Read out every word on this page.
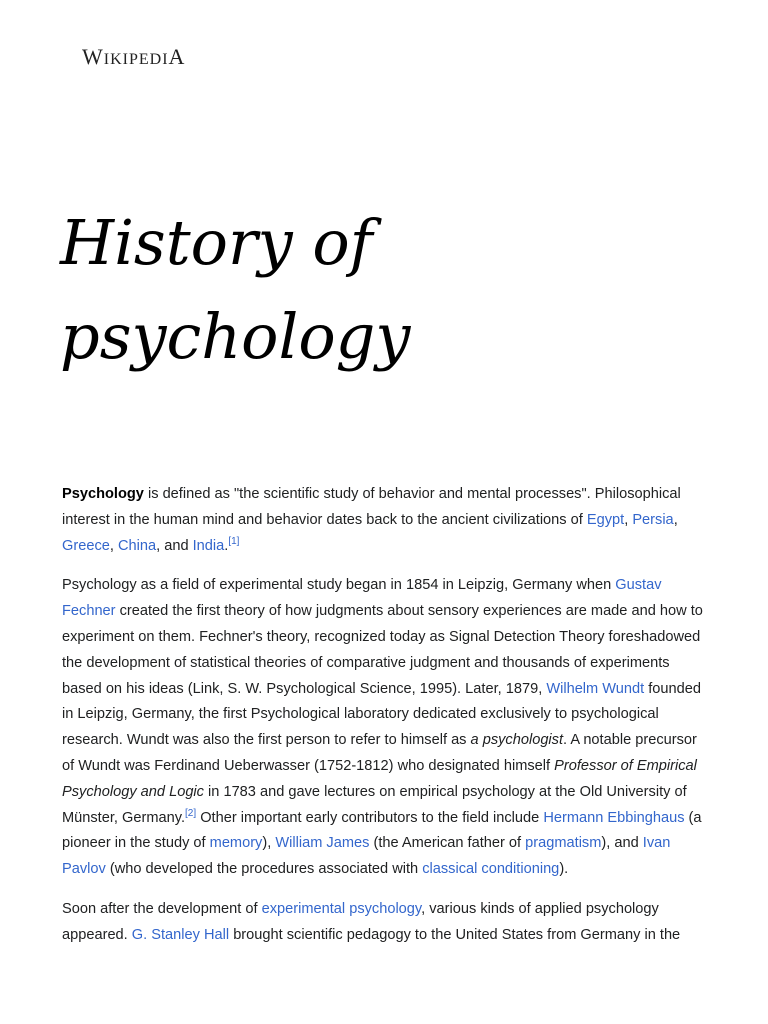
WIKIPEDIA
History of
psychology

Psychology is defined as "the scientific study of behavior and mental processes". Philosophical interest in the human mind and behavior dates back to the ancient civilizations of Egypt, Persia, Greece, China, and India.[1]

Psychology as a field of experimental study began in 1854 in Leipzig, Germany when Gustav Fechner created the first theory of how judgments about sensory experiences are made and how to experiment on them. Fechner's theory, recognized today as Signal Detection Theory foreshadowed the development of statistical theories of comparative judgment and thousands of experiments based on his ideas (Link, S. W. Psychological Science, 1995). Later, 1879, Wilhelm Wundt founded in Leipzig, Germany, the first Psychological laboratory dedicated exclusively to psychological research. Wundt was also the first person to refer to himself as a psychologist. A notable precursor of Wundt was Ferdinand Ueberwasser (1752-1812) who designated himself Professor of Empirical Psychology and Logic in 1783 and gave lectures on empirical psychology at the Old University of Münster, Germany.[2] Other important early contributors to the field include Hermann Ebbinghaus (a pioneer in the study of memory), William James (the American father of pragmatism), and Ivan Pavlov (who developed the procedures associated with classical conditioning).

Soon after the development of experimental psychology, various kinds of applied psychology appeared. G. Stanley Hall brought scientific pedagogy to the United States from Germany in the
